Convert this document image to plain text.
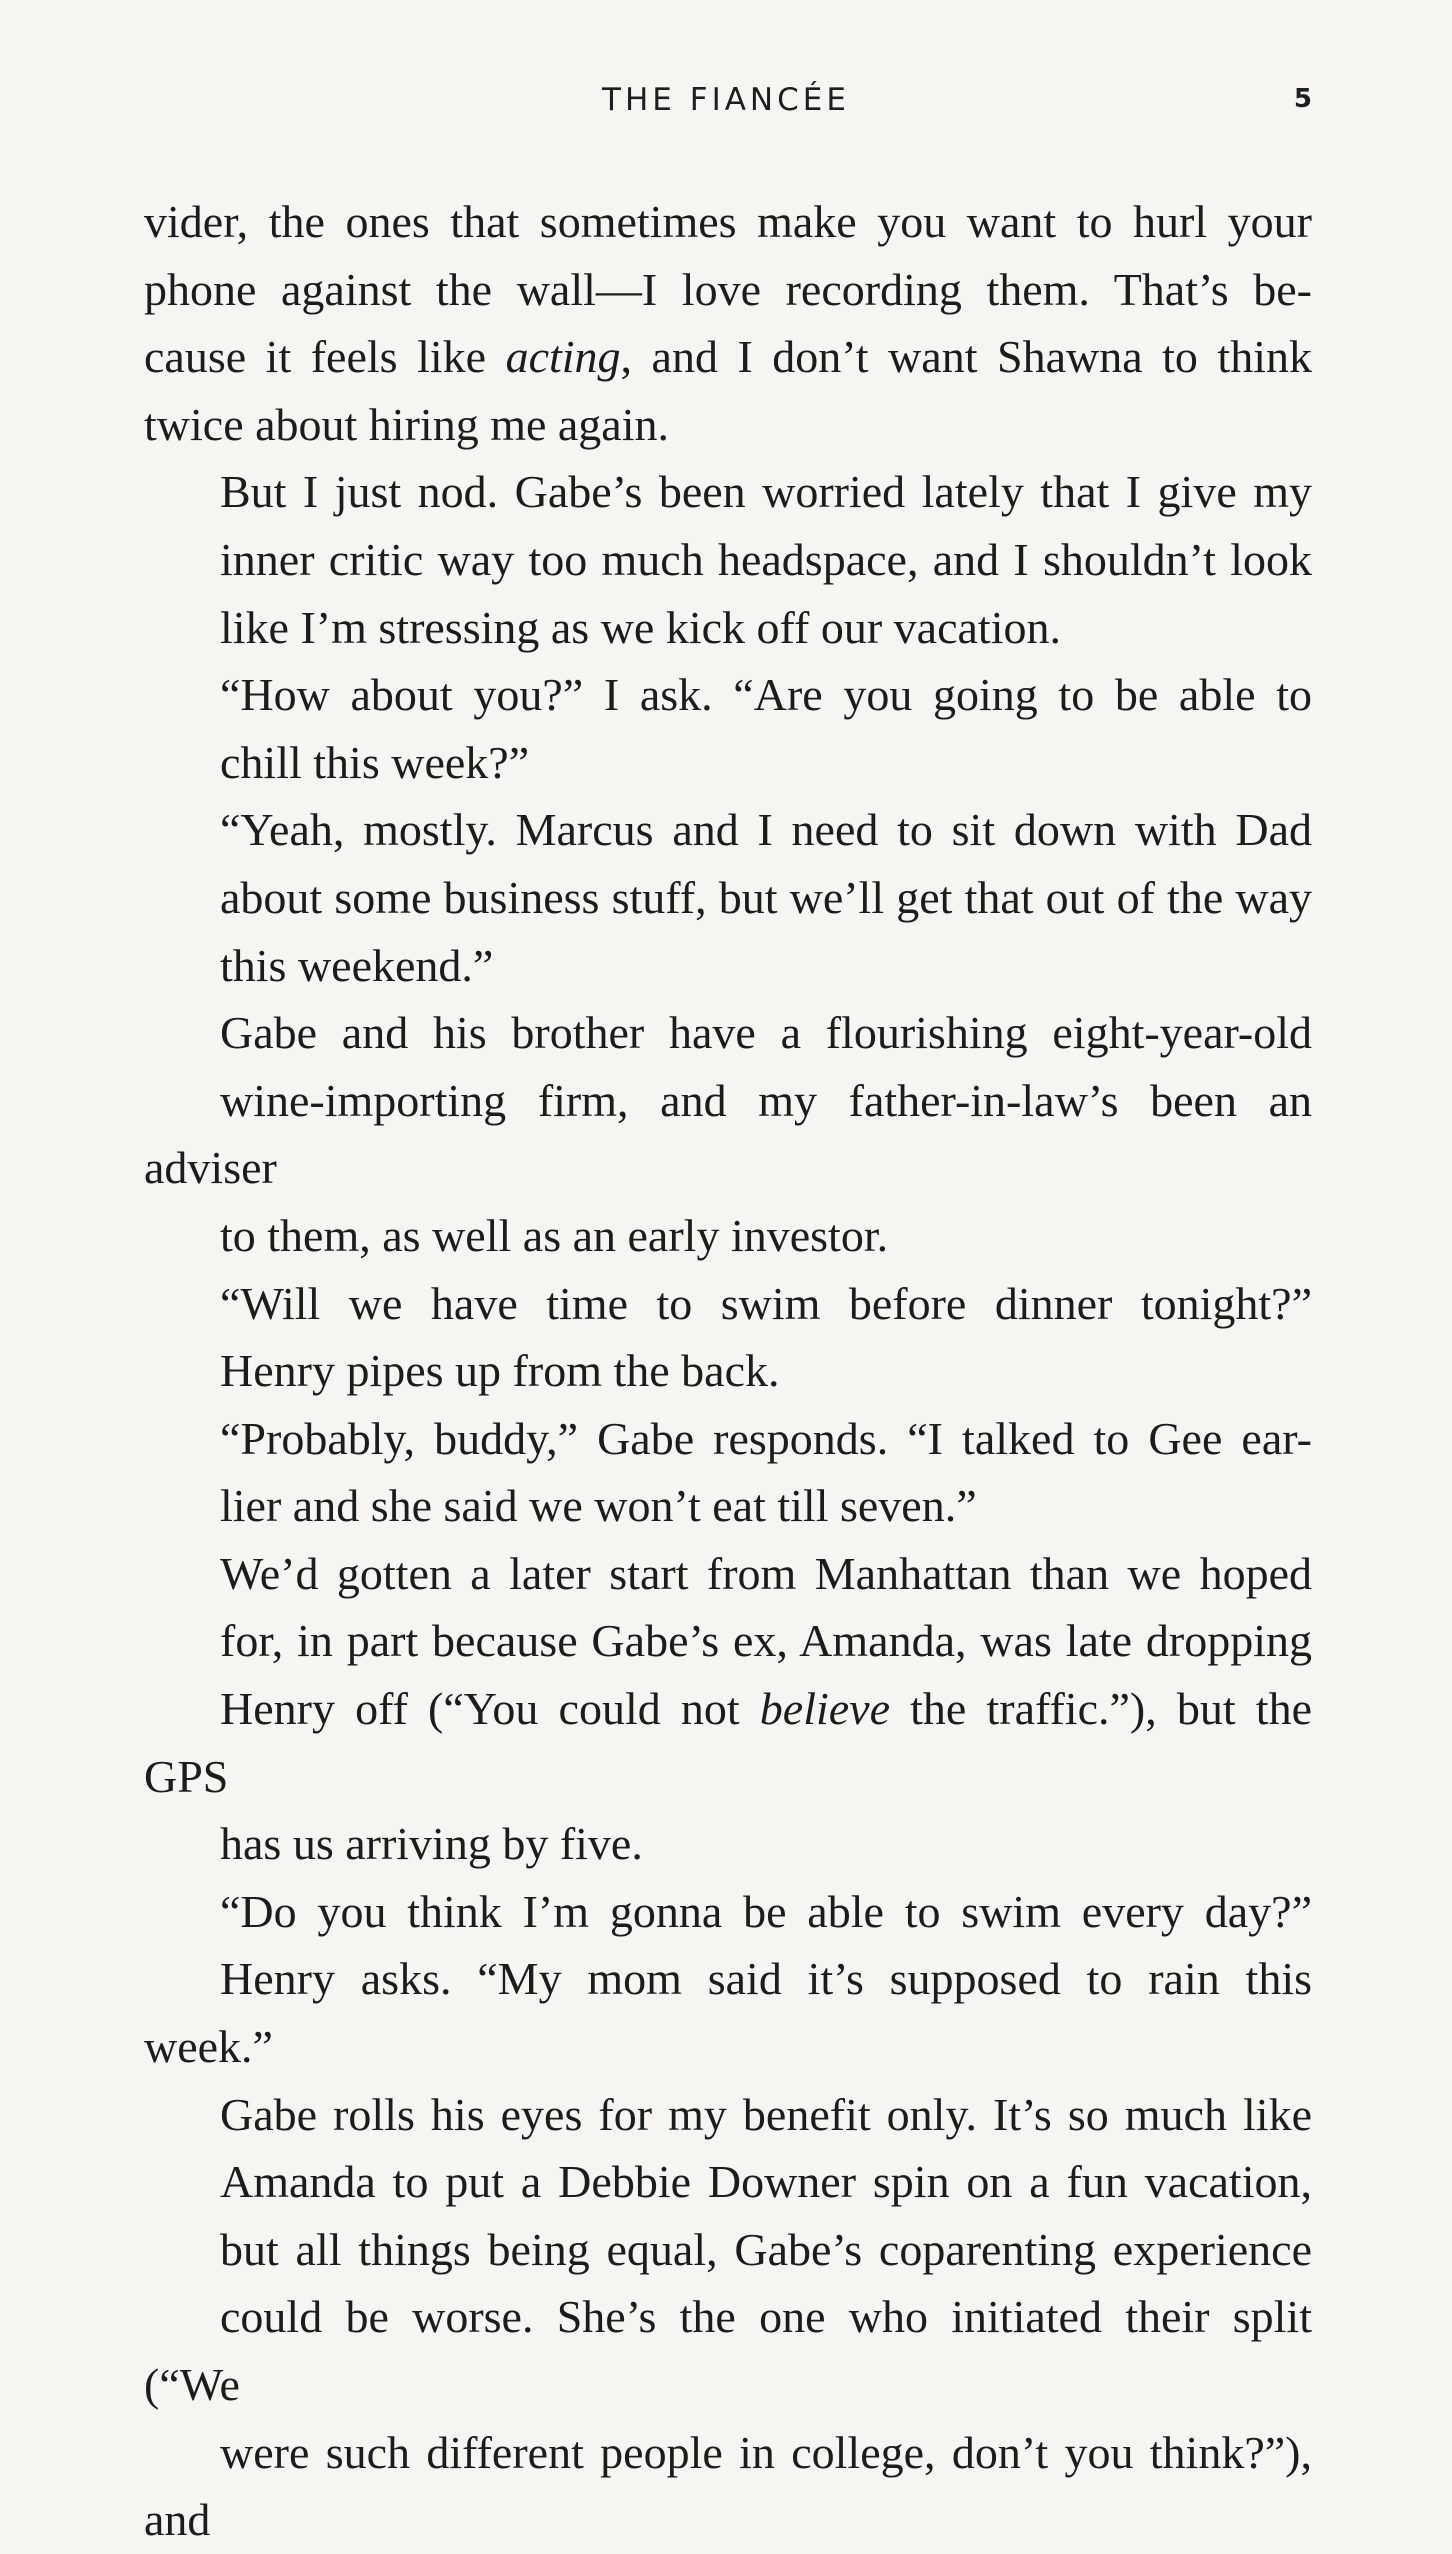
THE FIANCÉE	5

vider, the ones that sometimes make you want to hurl your
phone against the wall—I love recording them. That’s be-
cause it feels like acting, and I don’t want Shawna to think
twice about hiring me again.

But I just nod. Gabe’s been worried lately that I give my
inner critic way too much headspace, and I shouldn’t look
like I’m stressing as we kick off our vacation.

“How about you?” I ask. “Are you going to be able to
chill this week?”

“Yeah, mostly. Marcus and I need to sit down with Dad
about some business stuff, but we’ll get that out of the way
this weekend.”

Gabe and his brother have a flourishing eight-year-old
wine-importing firm, and my father-in-law’s been an adviser
to them, as well as an early investor.

“Will we have time to swim before dinner tonight?”
Henry pipes up from the back.

“Probably, buddy,” Gabe responds. “I talked to Gee ear-
lier and she said we won’t eat till seven.”

We’d gotten a later start from Manhattan than we hoped
for, in part because Gabe’s ex, Amanda, was late dropping
Henry off (“You could not believe the traffic.”), but the GPS
has us arriving by five.

“Do you think I’m gonna be able to swim every day?”
Henry asks. “My mom said it’s supposed to rain this week.”

Gabe rolls his eyes for my benefit only. It’s so much like
Amanda to put a Debbie Downer spin on a fun vacation,
but all things being equal, Gabe’s coparenting experience
could be worse. She’s the one who initiated their split (“We
were such different people in college, don’t you think?”), and
